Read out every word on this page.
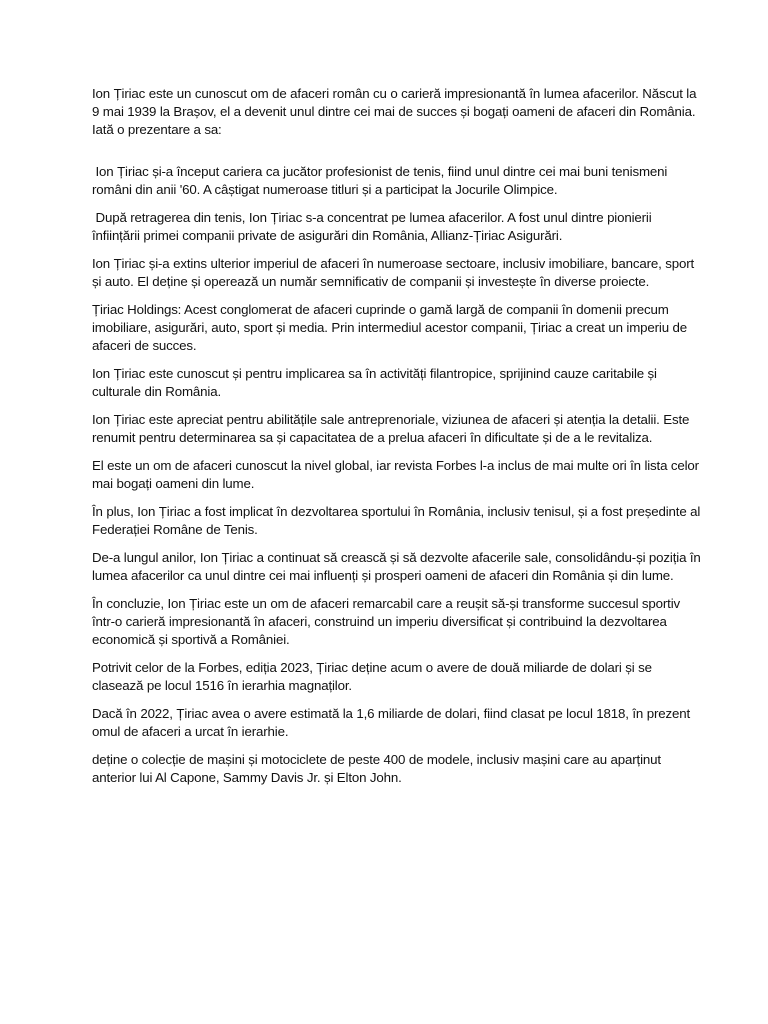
Ion Țiriac este un cunoscut om de afaceri român cu o carieră impresionantă în lumea afacerilor. Născut la 9 mai 1939 la Brașov, el a devenit unul dintre cei mai de succes și bogați oameni de afaceri din România. Iată o prezentare a sa:

Ion Țiriac și-a început cariera ca jucător profesionist de tenis, fiind unul dintre cei mai buni tenismeni români din anii '60. A câștigat numeroase titluri și a participat la Jocurile Olimpice.

După retragerea din tenis, Ion Țiriac s-a concentrat pe lumea afacerilor. A fost unul dintre pionierii înființării primei companii private de asigurări din România, Allianz-Țiriac Asigurări.

Ion Țiriac și-a extins ulterior imperiul de afaceri în numeroase sectoare, inclusiv imobiliare, bancare, sport și auto. El deține și operează un număr semnificativ de companii și investește în diverse proiecte.

Țiriac Holdings: Acest conglomerat de afaceri cuprinde o gamă largă de companii în domenii precum imobiliare, asigurări, auto, sport și media. Prin intermediul acestor companii, Țiriac a creat un imperiu de afaceri de succes.

Ion Țiriac este cunoscut și pentru implicarea sa în activități filantropice, sprijinind cauze caritabile și culturale din România.

Ion Țiriac este apreciat pentru abilitățile sale antreprenoriale, viziunea de afaceri și atenția la detalii. Este renumit pentru determinarea sa și capacitatea de a prelua afaceri în dificultate și de a le revitaliza.

El este un om de afaceri cunoscut la nivel global, iar revista Forbes l-a inclus de mai multe ori în lista celor mai bogați oameni din lume.

În plus, Ion Țiriac a fost implicat în dezvoltarea sportului în România, inclusiv tenisul, și a fost președinte al Federației Române de Tenis.

De-a lungul anilor, Ion Țiriac a continuat să crească și să dezvolte afacerile sale, consolidându-și poziția în lumea afacerilor ca unul dintre cei mai influenți și prosperi oameni de afaceri din România și din lume.

În concluzie, Ion Țiriac este un om de afaceri remarcabil care a reușit să-și transforme succesul sportiv într-o carieră impresionantă în afaceri, construind un imperiu diversificat și contribuind la dezvoltarea economică și sportivă a României.

Potrivit celor de la Forbes, ediția 2023, Țiriac deține acum o avere de două miliarde de dolari și se clasează pe locul 1516 în ierarhia magnaților.

Dacă în 2022, Țiriac avea o avere estimată la 1,6 miliarde de dolari, fiind clasat pe locul 1818, în prezent omul de afaceri a urcat în ierarhie.

deține o colecție de mașini și motociclete de peste 400 de modele, inclusiv mașini care au aparținut anterior lui Al Capone, Sammy Davis Jr. și Elton John.
